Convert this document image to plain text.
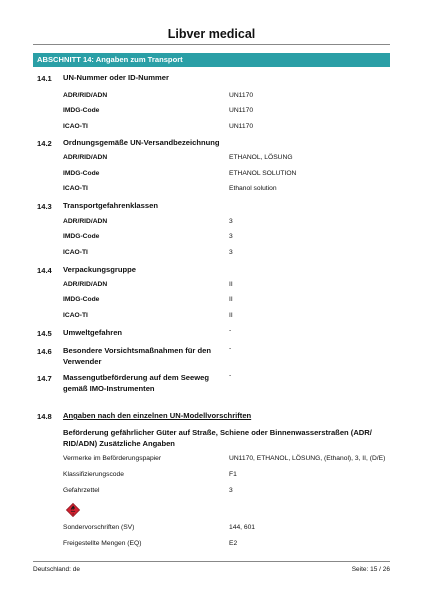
Libver medical
ABSCHNITT 14: Angaben zum Transport
14.1 UN-Nummer oder ID-Nummer
ADR/RID/ADN	UN1170
IMDG-Code	UN1170
ICAO-TI	UN1170
14.2 Ordnungsgemäße UN-Versandbezeichnung
ADR/RID/ADN	ETHANOL, LÖSUNG
IMDG-Code	ETHANOL SOLUTION
ICAO-TI	Ethanol solution
14.3 Transportgefahrenklassen
ADR/RID/ADN	3
IMDG-Code	3
ICAO-TI	3
14.4 Verpackungsgruppe
ADR/RID/ADN	II
IMDG-Code	II
ICAO-TI	II
14.5 Umweltgefahren	-
14.6 Besondere Vorsichtsmaßnahmen für den
Verwender
-
14.7 Massengutbeförderung auf dem Seeweg
gemäß IMO-Instrumenten
-
14.8 Angaben nach den einzelnen UN-Modellvorschriften
Beförderung gefährlicher Güter auf Straße, Schiene oder Binnenwasserstraßen (ADR/
RID/ADN) Zusätzliche Angaben
Vermerke im Beförderungspapier	UN1170, ETHANOL, LÖSUNG, (Ethanol), 3, II, (D/E)
Klassifizierungscode	F1
Gefahrzettel	3
3
Sondervorschriften (SV)	144, 601
Freigestellte Mengen (EQ)	E2
Deutschland: de	Seite: 15 / 26
